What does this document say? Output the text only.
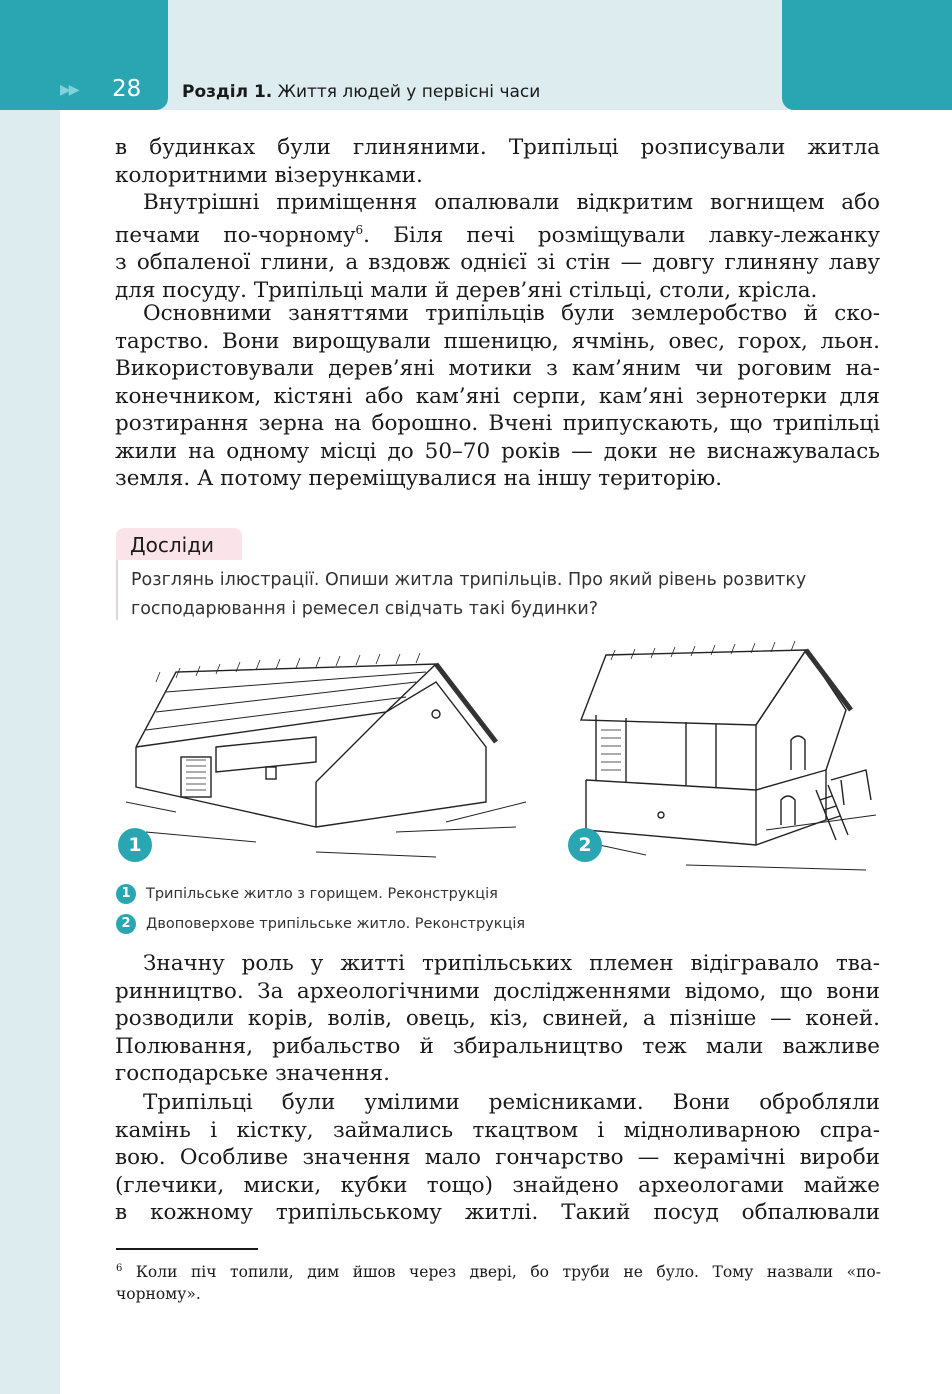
▶▶ 28 Розділ 1. Життя людей у первісні часи
в будинках були глиняними. Трипільці розписували житла
колоритними візерунками.
Внутрішні приміщення опалювали відкритим вогнищем або
печами по-чорному$^6$. Біля печі розміщували лавку-лежанку
з обпаленої глини, а вздовж однієї зі стін — довгу глиняну лаву
для посуду. Трипільці мали й дерев’яні стільці, столи, крісла.
Основними заняттями трипільців були землеробство й ско-
тарство. Вони вирощували пшеницю, ячмінь, овес, горох, льон.
Використовували дерев’яні мотики з кам’яним чи роговим на-
конечником, кістяні або кам’яні серпи, кам’яні зернотерки для
розтирання зерна на борошно. Вчені припускають, що трипільці
жили на одному місці до 50–70 років — доки не виснажувалась
земля. А потому переміщувалися на іншу територію.
Досліди
Розглянь ілюстрації. Опиши житла трипільців. Про який рівень розвитку
господарювання і ремесел свідчать такі будинки?
1	2
1 Трипільське житло з горищем. Реконструкція
2 Двоповерхове трипільське житло. Реконструкція
Значну роль у житті трипільських племен відігравало тва-
ринництво. За археологічними дослідженнями відомо, що вони
розводили корів, волів, овець, кіз, свиней, а пізніше — коней.
Полювання, рибальство й збиральництво теж мали важливе
господарське значення.
Трипільці були умілими ремісниками. Вони обробляли
камінь і кістку, займались ткацтвом і мідноливарною спра-
вою. Особливе значення мало гончарство — керамічні вироби
(глечики, миски, кубки тощо) знайдено археологами майже
в кожному трипільському житлі. Такий посуд обпалювали
$^6$ Коли піч топили, дим йшов через двері, бо труби не було. Тому назвали «по-
чорному».
